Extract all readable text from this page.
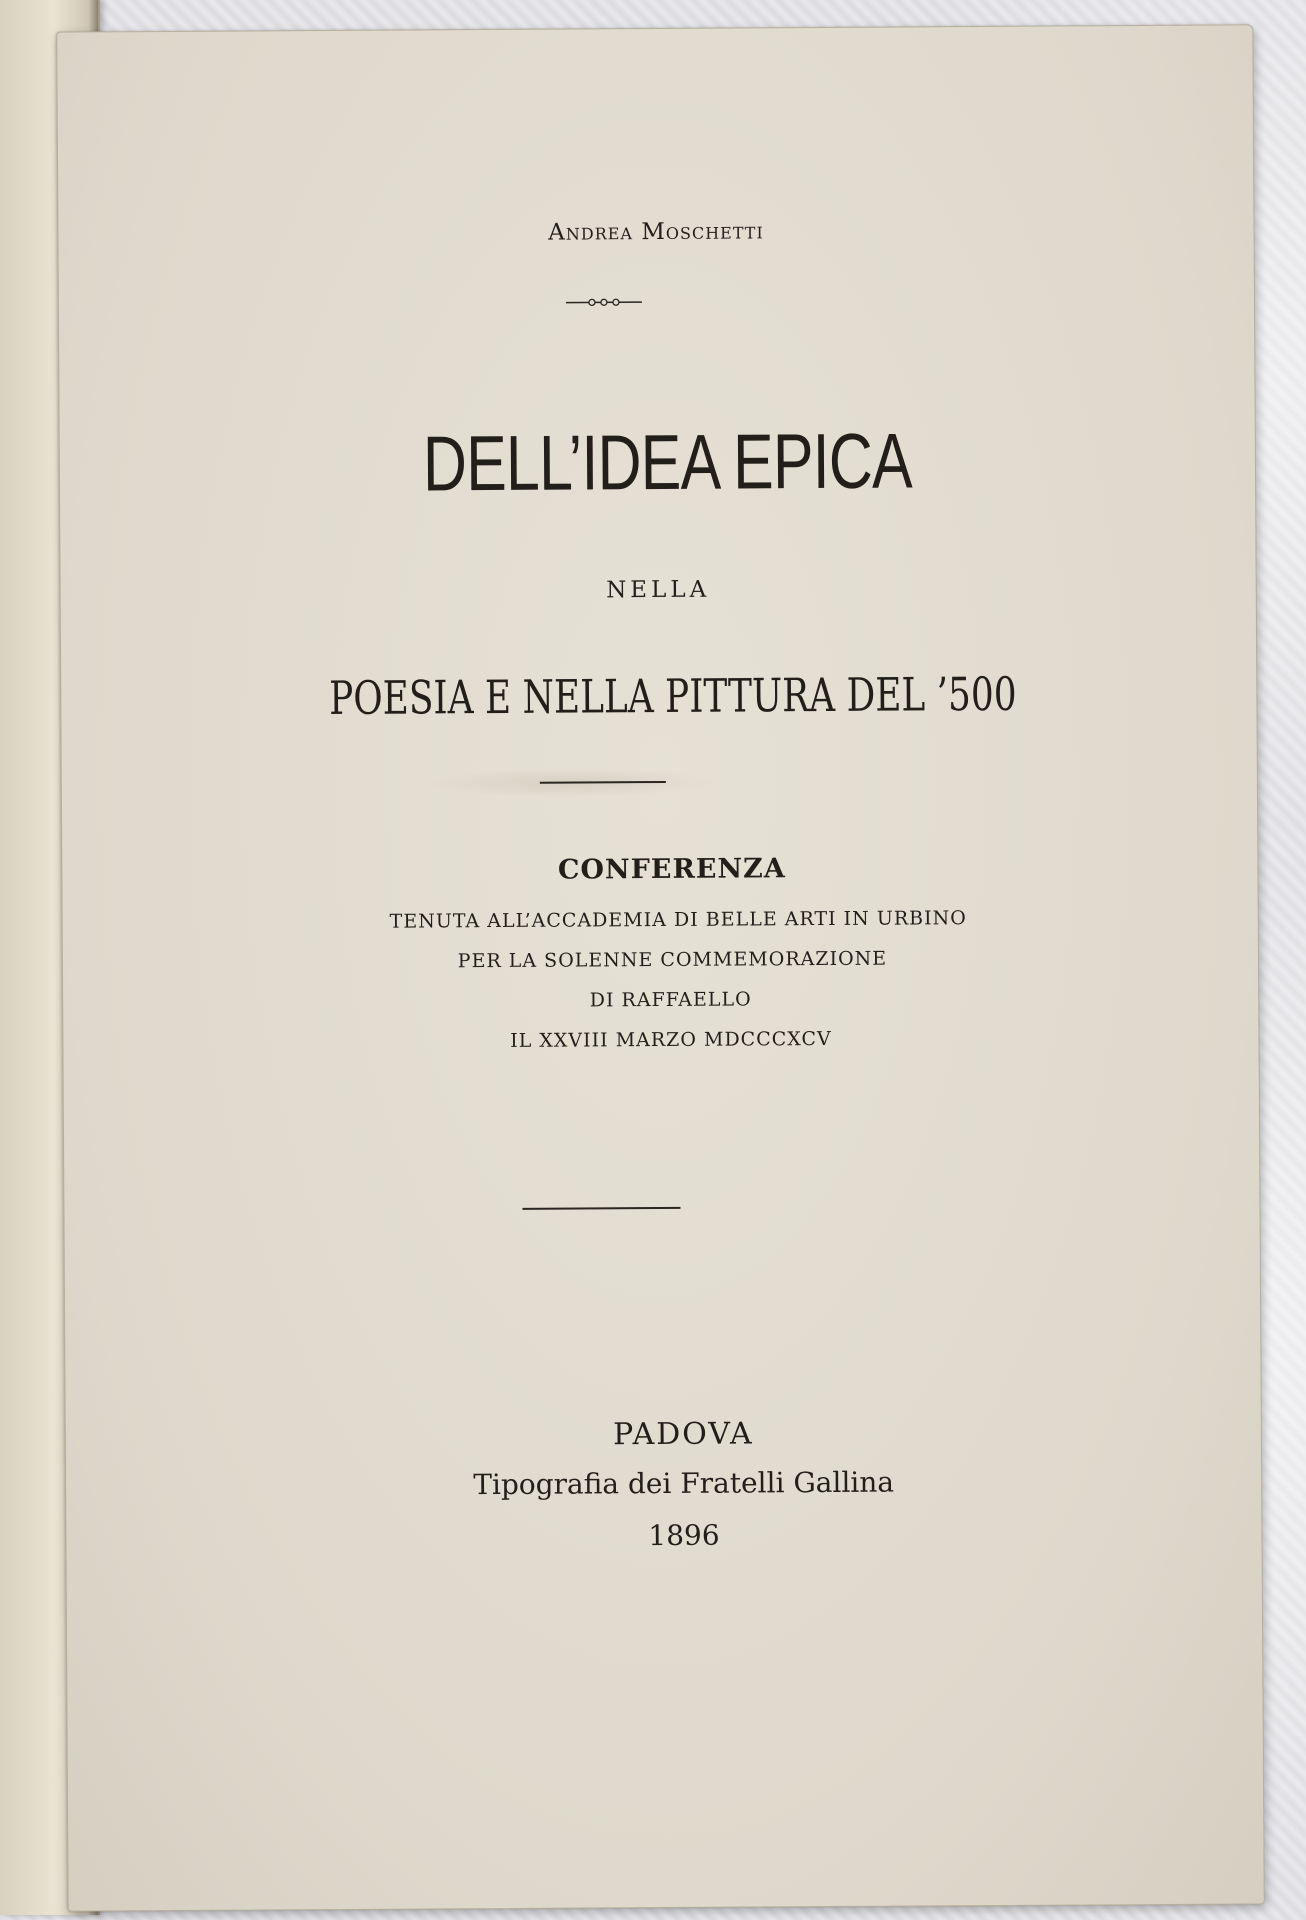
Andrea Moschetti
DELL’IDEA EPICA
NELLA
POESIA E NELLA PITTURA DEL ’500
CONFERENZA
TENUTA ALL’ACCADEMIA DI BELLE ARTI IN URBINO
PER LA SOLENNE COMMEMORAZIONE
DI RAFFAELLO
IL XXVIII MARZO MDCCCXCV
PADOVA
Tipografia dei Fratelli Gallina
1896
